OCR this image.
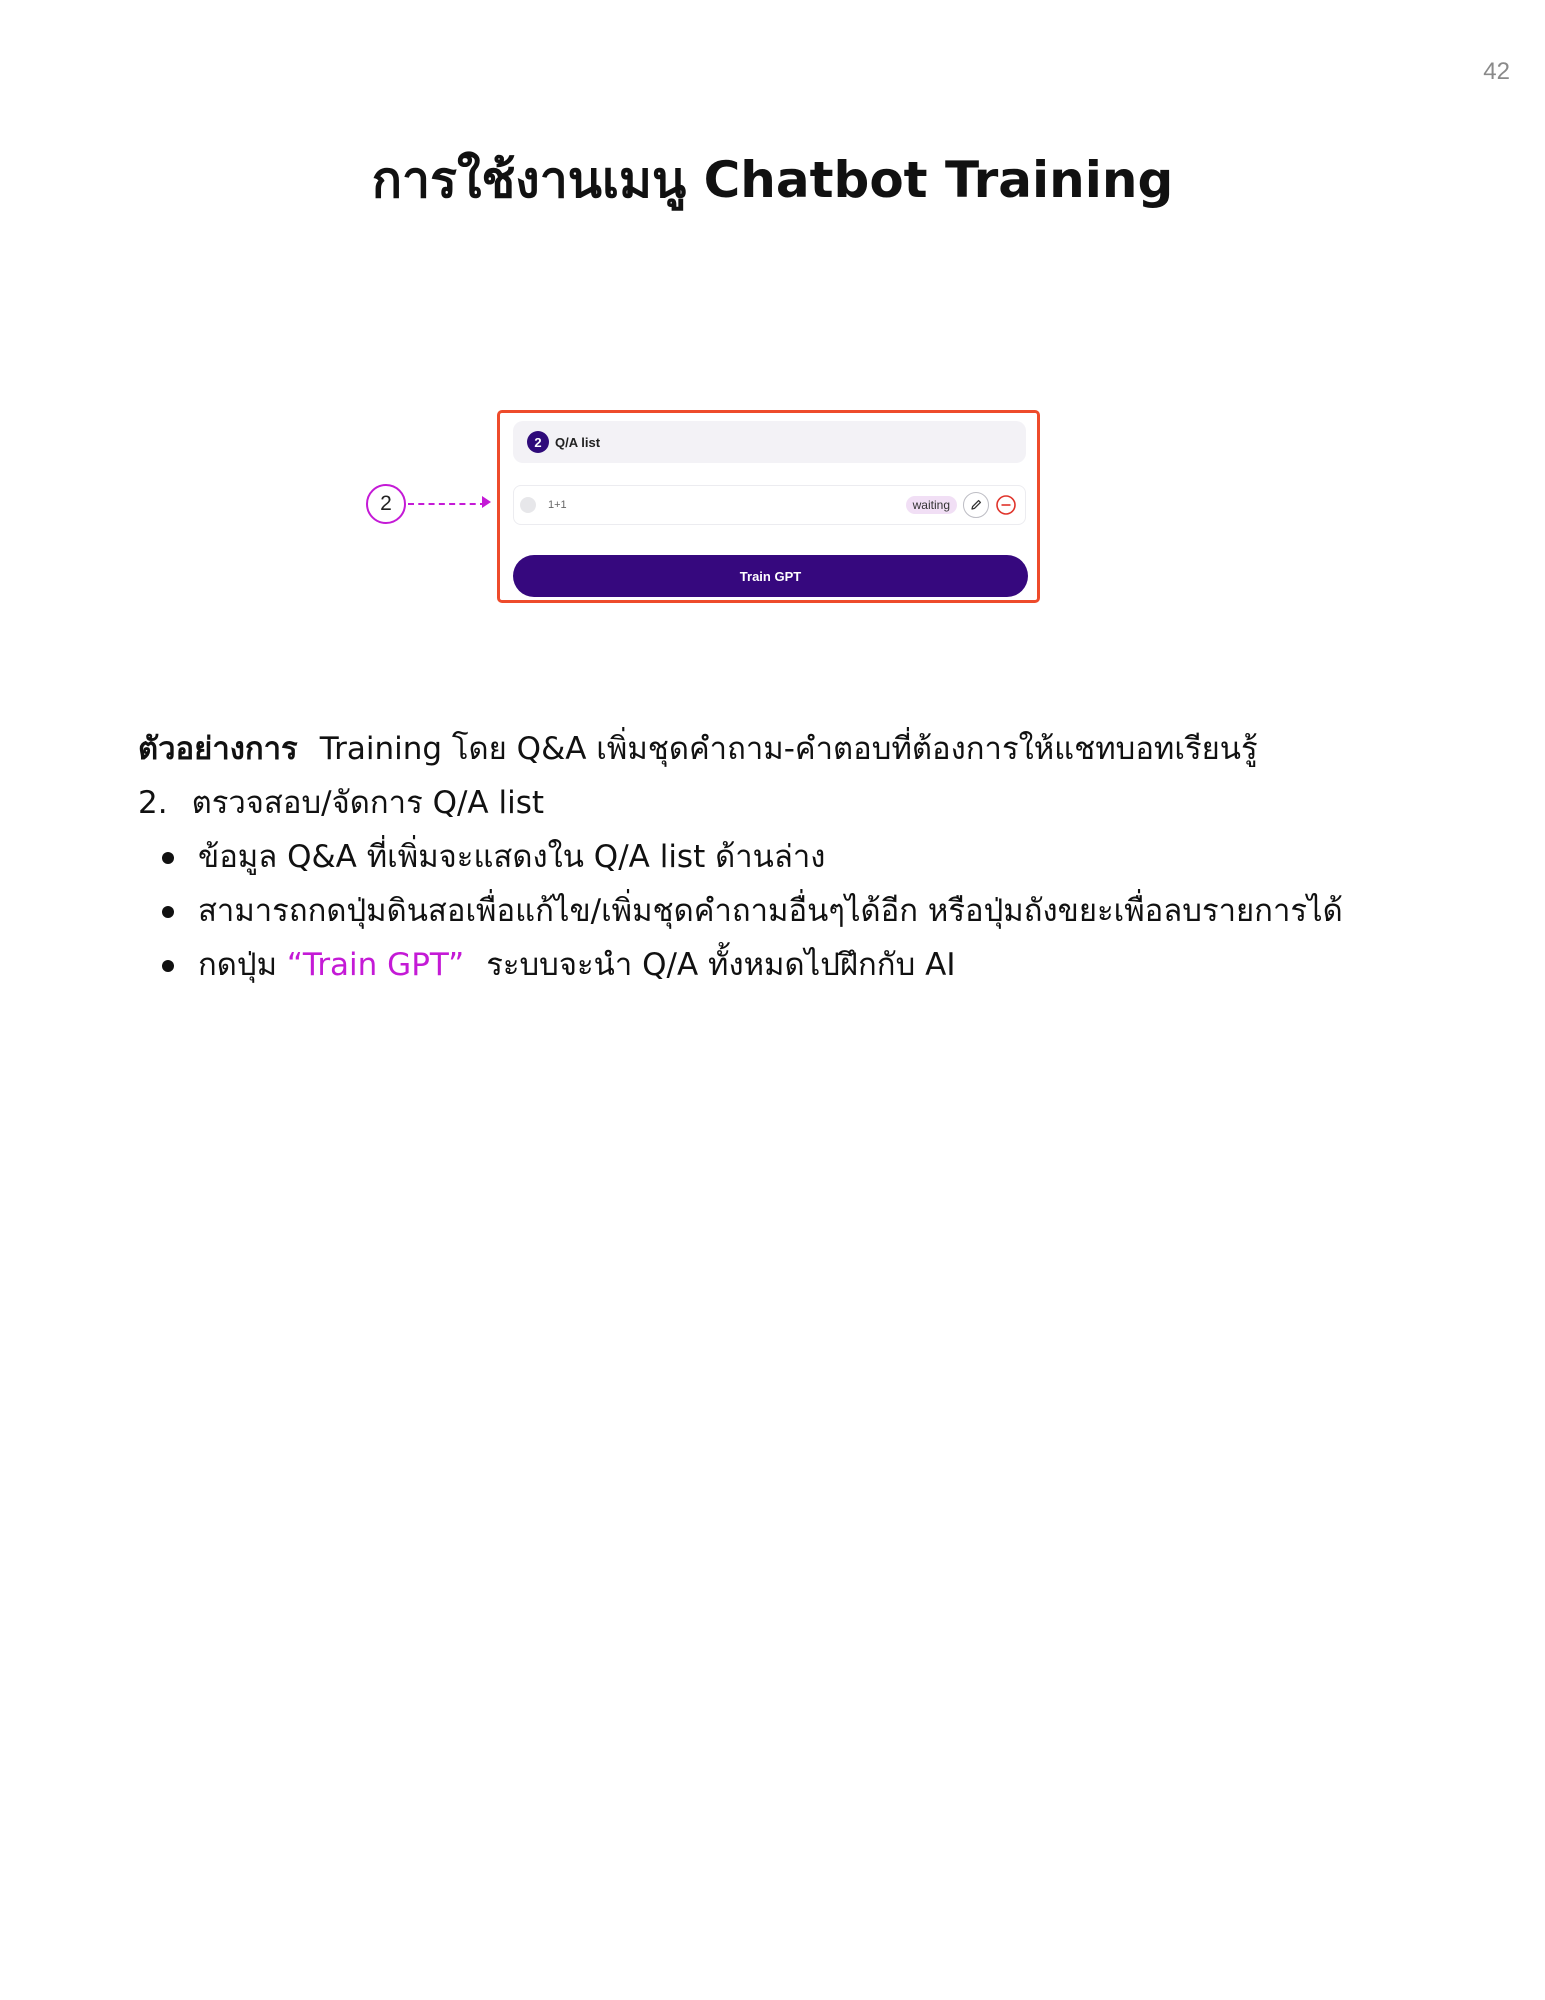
42
การใช้งานเมนู Chatbot Training
2
2	Q/A list
1+1	waiting
Train GPT
ตัวอย่างการ Training โดย Q&A เพิ่มชุดคำถาม-คำตอบที่ต้องการให้แชทบอทเรียนรู้
2. ตรวจสอบ/จัดการ Q/A list
ข้อมูล Q&A ที่เพิ่มจะแสดงใน Q/A list ด้านล่าง
สามารถกดปุ่มดินสอเพื่อแก้ไข/เพิ่มชุดคำถามอื่นๆได้อีก หรือปุ่มถังขยะเพื่อลบรายการได้
กดปุ่ม “Train GPT” ระบบจะนำ Q/A ทั้งหมดไปฝึกกับ AI
